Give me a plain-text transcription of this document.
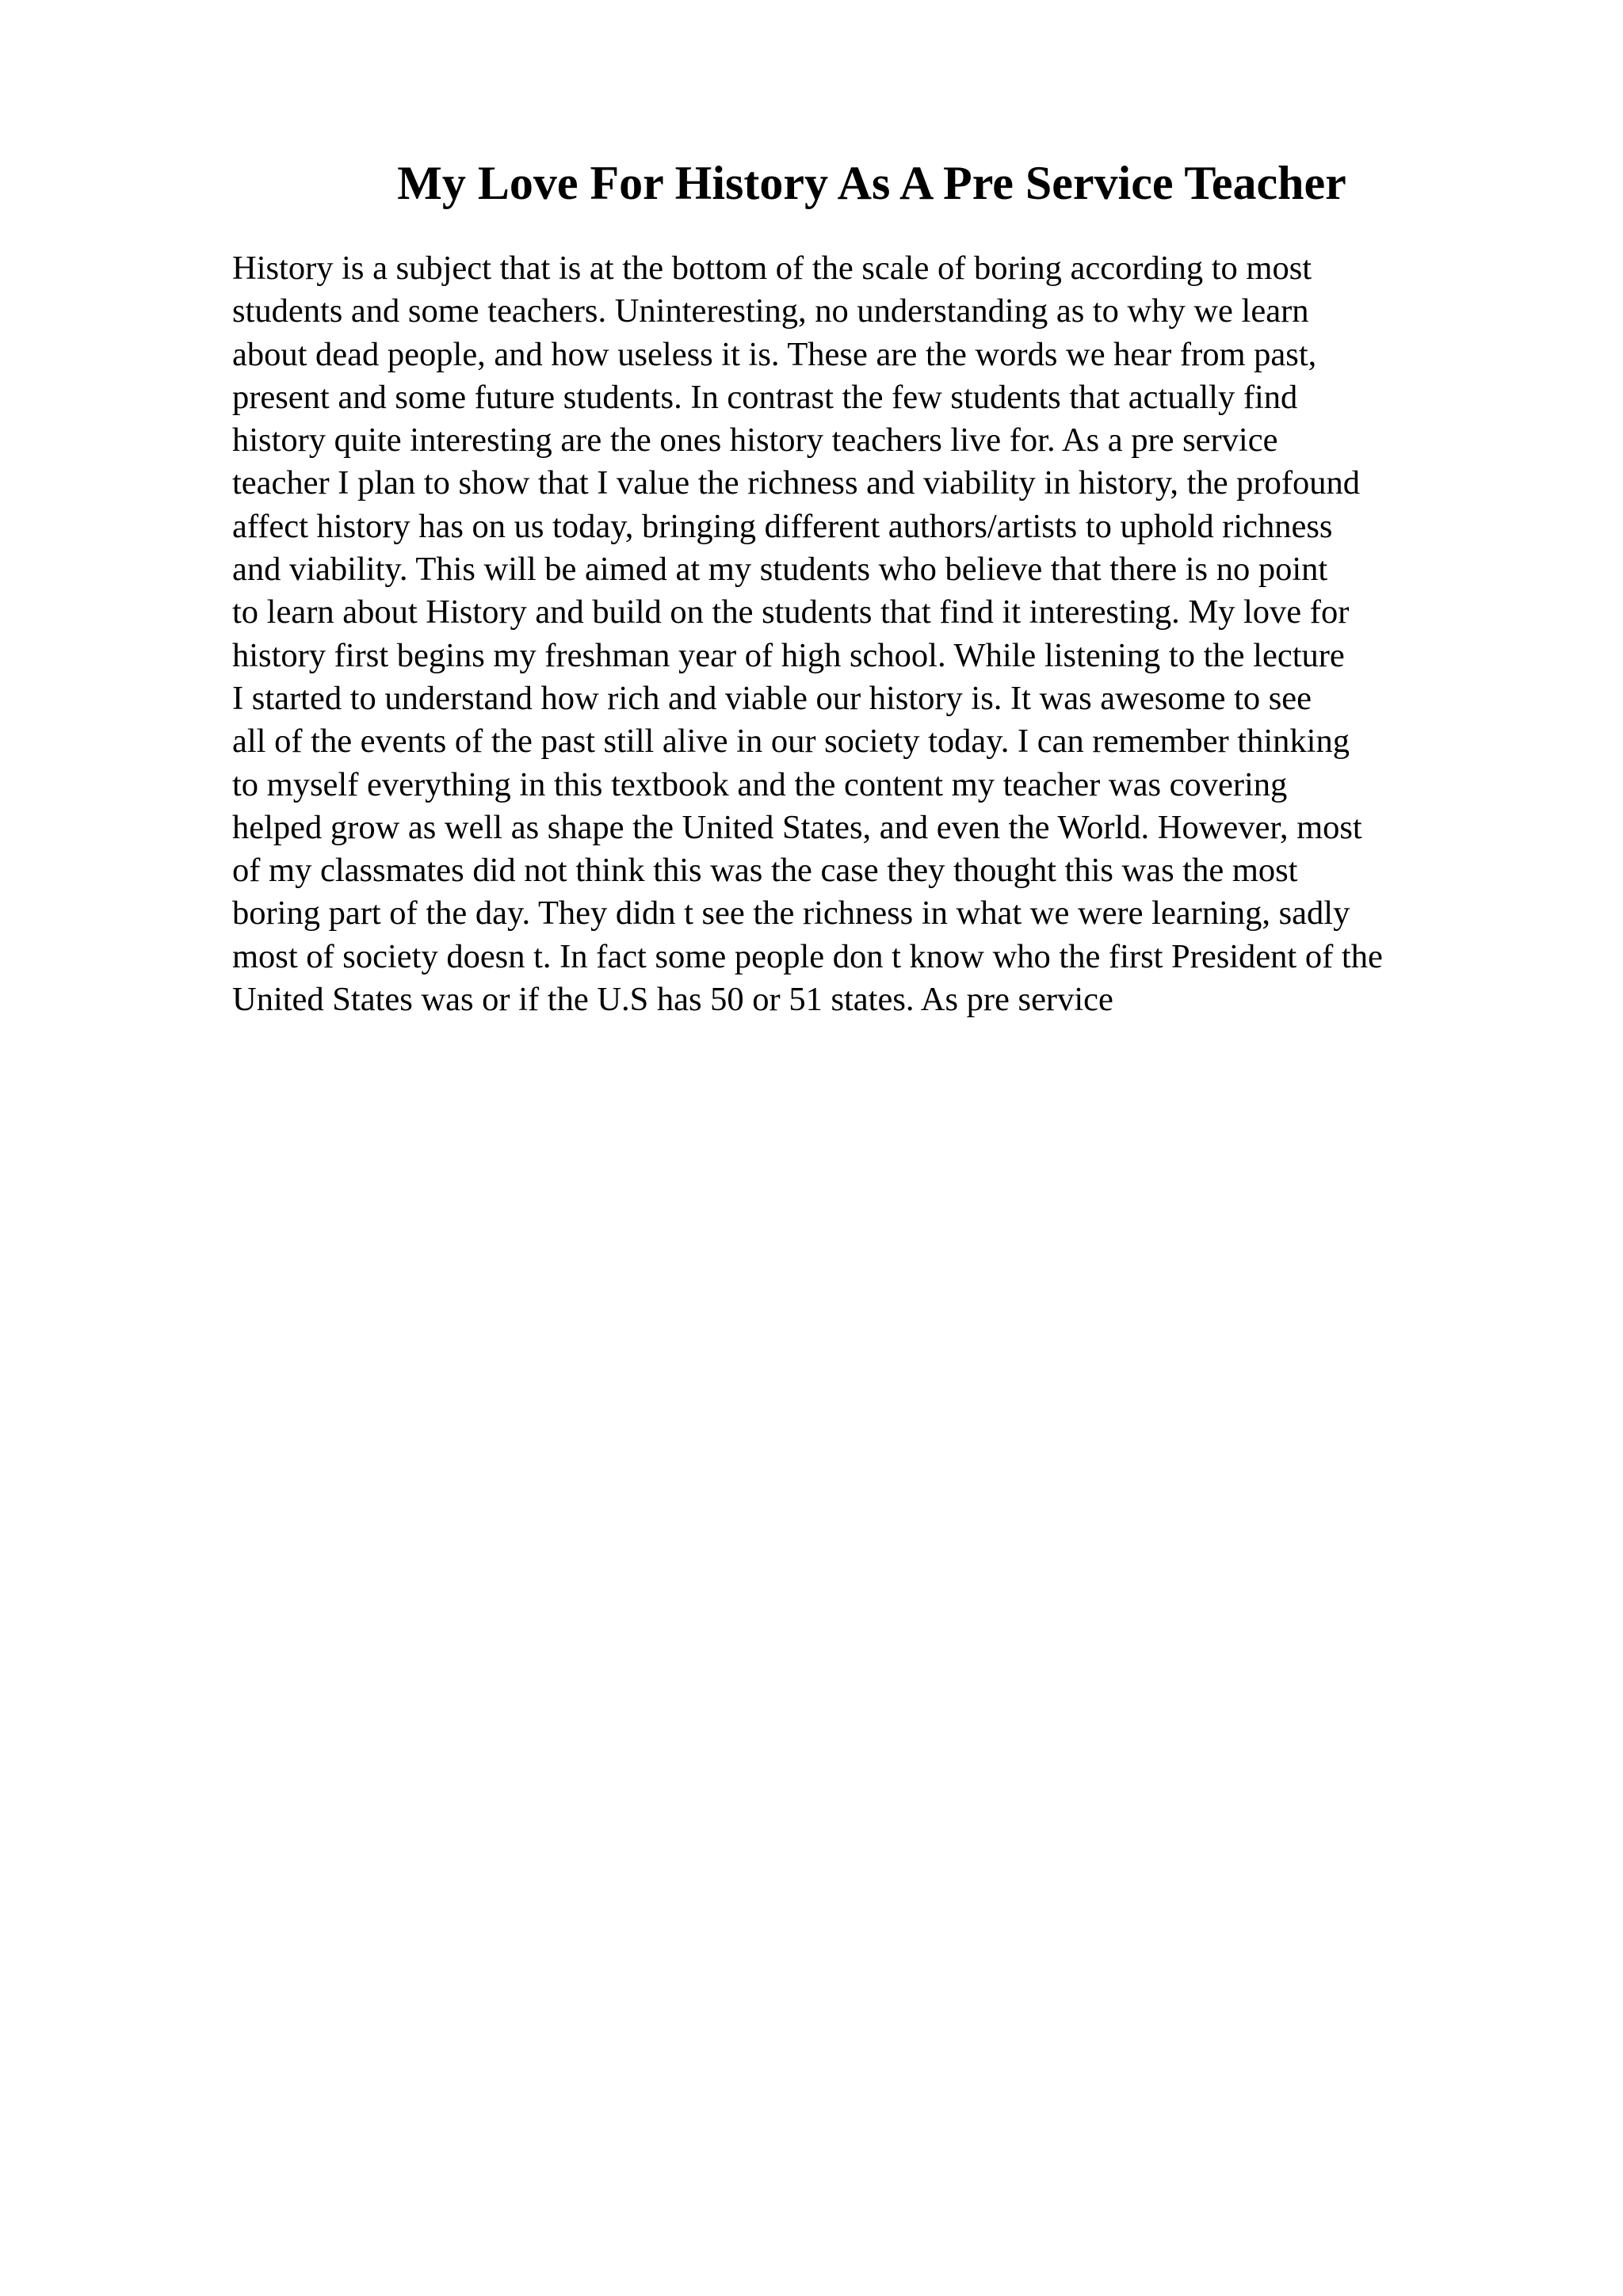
My Love For History As A Pre Service Teacher
History is a subject that is at the bottom of the scale of boring according to most
students and some teachers. Uninteresting, no understanding as to why we learn
about dead people, and how useless it is. These are the words we hear from past,
present and some future students. In contrast the few students that actually find
history quite interesting are the ones history teachers live for. As a pre service
teacher I plan to show that I value the richness and viability in history, the profound
affect history has on us today, bringing different authors/artists to uphold richness
and viability. This will be aimed at my students who believe that there is no point
to learn about History and build on the students that find it interesting. My love for
history first begins my freshman year of high school. While listening to the lecture
I started to understand how rich and viable our history is. It was awesome to see
all of the events of the past still alive in our society today. I can remember thinking
to myself everything in this textbook and the content my teacher was covering
helped grow as well as shape the United States, and even the World. However, most
of my classmates did not think this was the case they thought this was the most
boring part of the day. They didn t see the richness in what we were learning, sadly
most of society doesn t. In fact some people don t know who the first President of the
United States was or if the U.S has 50 or 51 states. As pre service
